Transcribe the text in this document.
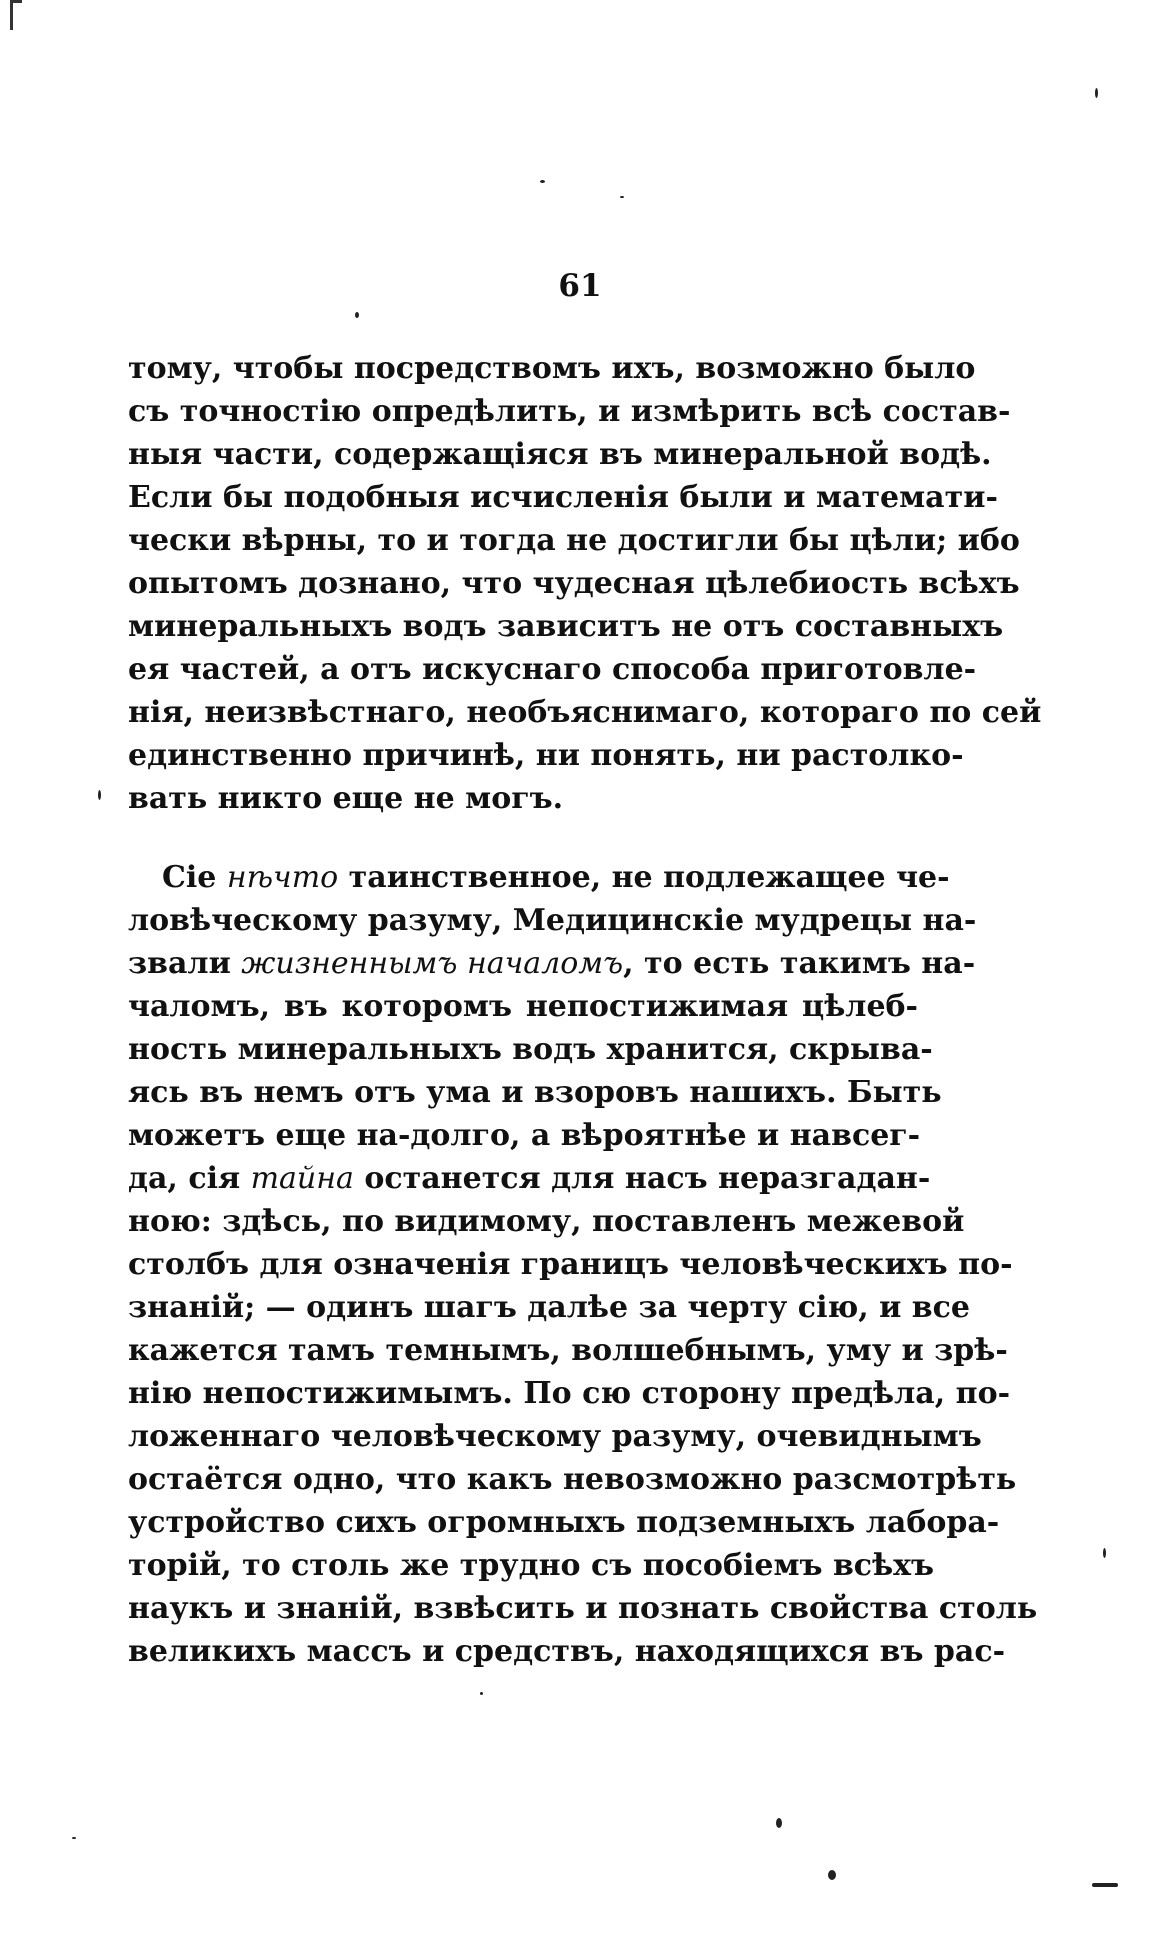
61
тому, чтобы посредствомъ ихъ, возможно было
съ точностію опредѣлить, и измѣрить всѣ состав-
ныя части, содержащіяся въ минеральной водѣ.
Если бы подобныя исчисленія были и математи-
чески вѣрны, то и тогда не достигли бы цѣли; ибо
опытомъ дознано, что чудесная цѣлебиость всѣхъ
минеральныхъ водъ зависитъ не отъ составныхъ
ея частей, а отъ искуснаго способа приготовле-
нія, неизвѣстнаго, необъяснимаго, котораго по сей
единственно причинѣ, ни понять, ни растолко-
вать никто еще не могъ.
Сіе нѣчто таинственное, не подлежащее че-
ловѣческому разуму, Медицинскіе мудрецы на-
звали жизненнымъ началомъ, то есть такимъ на-
чаломъ, въ которомъ непостижимая цѣлеб-
ность минеральныхъ водъ хранится, скрыва-
ясь въ немъ отъ ума и взоровъ нашихъ. Быть
можетъ еще на-долго, а вѣроятнѣе и навсег-
да, сія тайна останется для насъ неразгадан-
ною: здѣсь, по видимому, поставленъ межевой
столбъ для означенія границъ человѣческихъ по-
знаній; — одинъ шагъ далѣе за черту сію, и все
кажется тамъ темнымъ, волшебнымъ, уму и зрѣ-
нію непостижимымъ. По сю сторону предѣла, по-
ложеннаго человѣческому разуму, очевиднымъ
остаётся одно, что какъ невозможно разсмотрѣть
устройство сихъ огромныхъ подземныхъ лабора-
торій, то столь же трудно съ пособіемъ всѣхъ
наукъ и знаній, взвѣсить и познать свойства столь
великихъ массъ и средствъ, находящихся въ рас-
